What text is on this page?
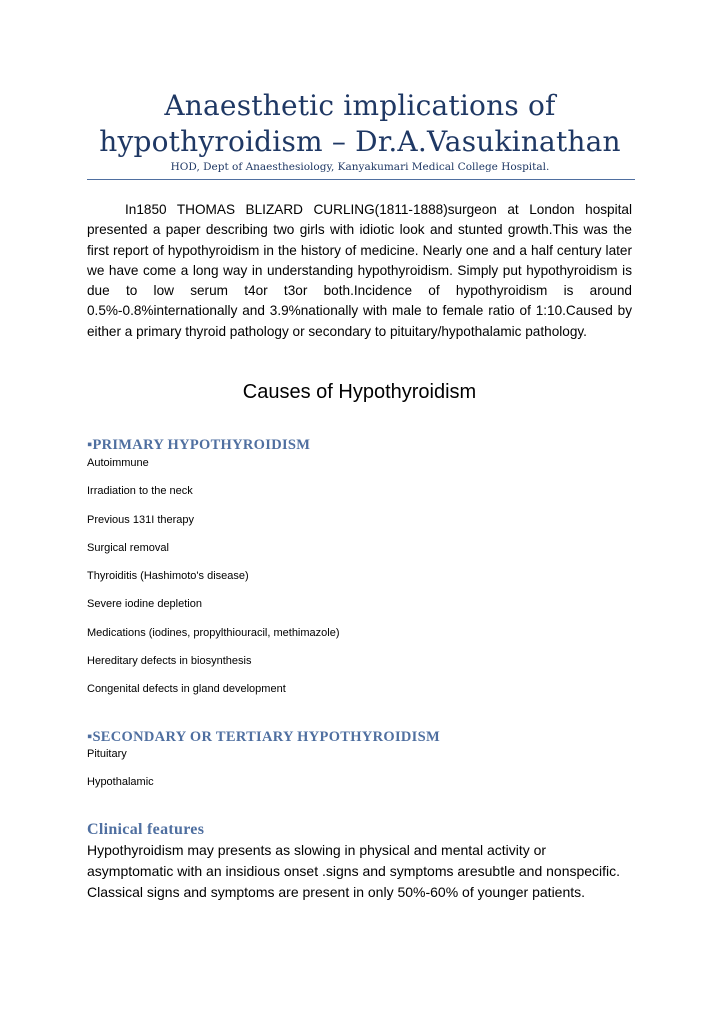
Anaesthetic implications of
hypothyroidism – Dr.A.Vasukinathan
HOD, Dept of Anaesthesiology, Kanyakumari Medical College Hospital.

In1850 THOMAS BLIZARD CURLING(1811-1888)surgeon at London hospital presented a paper describing two girls with idiotic look and stunted growth.This was the first report of hypothyroidism in the history of medicine. Nearly one and a half century later we have come a long way in understanding hypothyroidism. Simply put hypothyroidism is due to low serum t4or t3or both.Incidence of hypothyroidism is around 0.5%-0.8%internationally and 3.9%nationally with male to female ratio of 1:10.Caused by either a primary thyroid pathology or secondary to pituitary/hypothalamic pathology.

Causes of Hypothyroidism
▪PRIMARY HYPOTHYROIDISM
Autoimmune
Irradiation to the neck
Previous 131I therapy
Surgical removal
Thyroiditis (Hashimoto's disease)
Severe iodine depletion
Medications (iodines, propylthiouracil, methimazole)
Hereditary defects in biosynthesis
Congenital defects in gland development
▪SECONDARY OR TERTIARY HYPOTHYROIDISM
Pituitary
Hypothalamic
Clinical features

Hypothyroidism may presents as slowing in physical and mental activity or asymptomatic with an insidious onset .signs and symptoms aresubtle and nonspecific. Classical signs and symptoms are present in only 50%-60% of younger patients.
